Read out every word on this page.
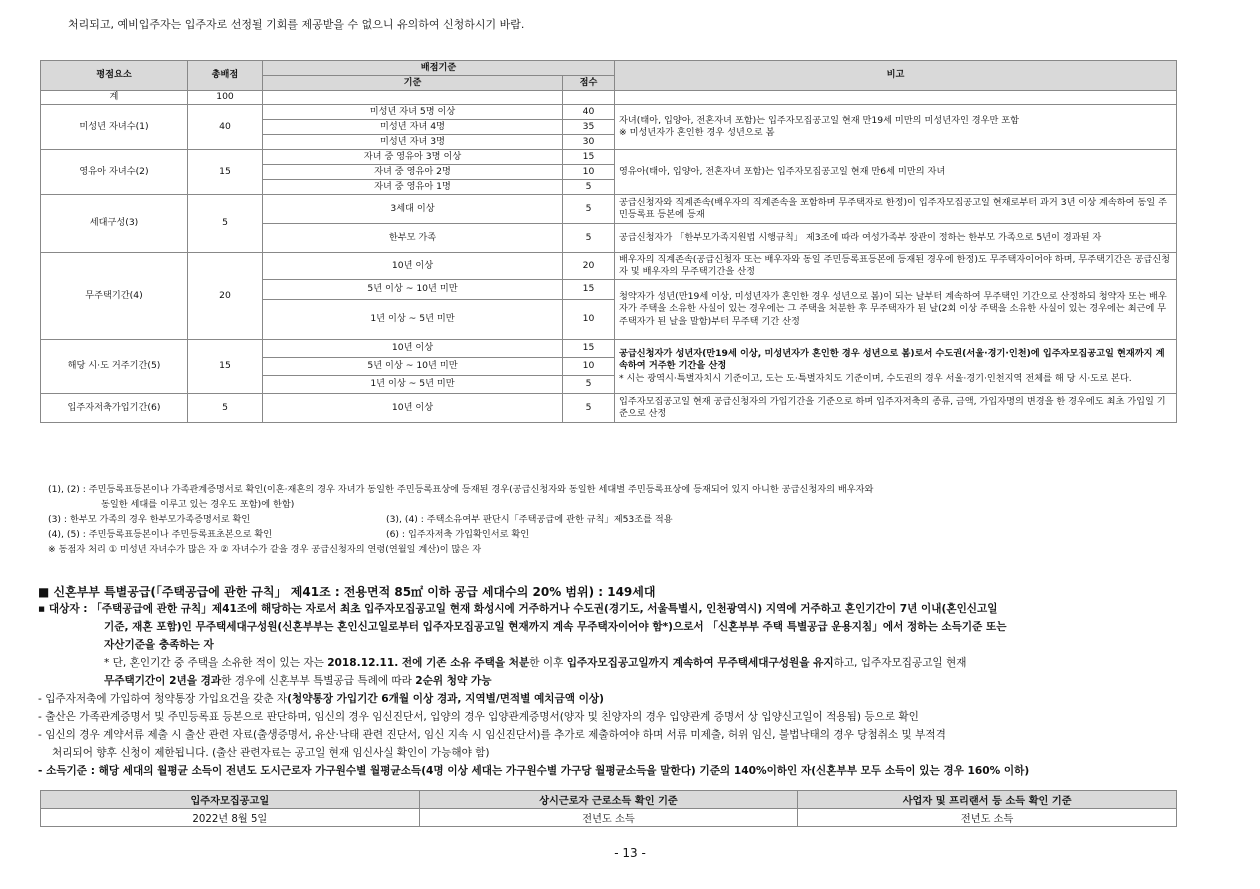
처리되고, 예비입주자는 입주자로 선정될 기회를 제공받을 수 없으니 유의하여 신청하시기 바람.
평점요소	총배점	배점기준		비고
		기준	점수	
계	100			
미성년 자녀수(1)	40	미성년 자녀 5명 이상	40	자녀(태아, 입양아, 전혼자녀 포함)는 입주자모집공고일 현재 만19세 미만의 미성년자인 경우만 포함
※ 미성년자가 혼인한 경우 성년으로 봄

		미성년 자녀 4명	35	
		미성년 자녀 3명	30	
영유아 자녀수(2)	15	자녀 중 영유아 3명 이상	15	영유아(태아, 입양아, 전혼자녀 포함)는 입주자모집공고일 현재 만6세 미만의 자녀
		자녀 중 영유아 2명	10	
		자녀 중 영유아 1명	5	
세대구성(3)	5	3세대 이상	5	공급신청자와 직계존속(배우자의 직계존속을 포함하며 무주택자로 한정)이 입주자모집공고일 현재로부터 과거 3년 이상 계속하여 동일 주민등록표 등본에 등재
		한부모 가족	5	공급신청자가 「한부모가족지원법 시행규칙」 제3조에 따라 여성가족부 장관이 정하는 한부모 가족으로 5년이 경과된 자
무주택기간(4)	20	10년 이상	20	배우자의 직계존속(공급신청자 또는 배우자와 동일 주민등록표등본에 등재된 경우에 한정)도 무주택자이어야 하며, 무주택기간은 공급신청자 및 배우자의 무주택기간을 산정
		5년 이상 ~ 10년 미만	15	청약자가 성년(만19세 이상, 미성년자가 혼인한 경우 성년으로 봄)이 되는 날부터 계속하여 무주택인 기간으로 산정하되 청약자 또는 배우자가 주택을 소유한 사실이 있는 경우에는 그 주택을 처분한 후 무주택자가 된 날(2회 이상 주택을 소유한 사실이 있는 경우에는 최근에 무주택자가 된 날을 말함)부터 무주택 기간 산정
		1년 이상 ~ 5년 미만	10	
해당 시·도 거주기간(5)	15	10년 이상	15	공급신청자가 성년자(만19세 이상, 미성년자가 혼인한 경우 성년으로 봄)로서 수도권(서울·경기·인천)에 입주자모집공고일 현재까지 계속하여 거주한 기간을 산정
* 시는 광역시·특별자치시 기준이고, 도는 도·특별자치도 기준이며, 수도권의 경우 서울·경기·인천지역 전체를 해 당 시·도로 본다.

		5년 이상 ~ 10년 미만	10	
		1년 이상 ~ 5년 미만	5	
입주자저축가입기간(6)	5	10년 이상	5	입주자모집공고일 현재 공급신청자의 가입기간을 기준으로 하며 입주자저축의 종류, 금액, 가입자명의 변경을 한 경우에도 최초 가입일 기준으로 산정
(1), (2) : 주민등록표등본이나 가족관계증명서로 확인(이혼·재혼의 경우 자녀가 동일한 주민등록표상에 등재된 경우(공급신청자와 동일한 세대별 주민등록표상에 등재되어 있지 아니한 공급신청자의 배우자와
동일한 세대를 이루고 있는 경우도 포함)에 한함)
(3) : 한부모 가족의 경우 한부모가족증명서로 확인	(3), (4) : 주택소유여부 판단시「주택공급에 관한 규칙」제53조를 적용
(4), (5) : 주민등록표등본이나 주민등록표초본으로 확인	(6) : 입주자저축 가입확인서로 확인
※ 동점자 처리 ① 미성년 자녀수가 많은 자 ② 자녀수가 같을 경우 공급신청자의 연령(연월일 계산)이 많은 자
■ 신혼부부 특별공급(「주택공급에 관한 규칙」 제41조 : 전용면적 85㎡ 이하 공급 세대수의 20% 범위) : 149세대
▪ 대상자 : 「주택공급에 관한 규칙」제41조에 해당하는 자로서 최초 입주자모집공고일 현재 화성시에 거주하거나 수도권(경기도, 서울특별시, 인천광역시) 지역에 거주하고 혼인기간이 7년 이내(혼인신고일
기준, 재혼 포함)인 무주택세대구성원(신혼부부는 혼인신고일로부터 입주자모집공고일 현재까지 계속 무주택자이어야 함*)으로서 「신혼부부 주택 특별공급 운용지침」에서 정하는 소득기준 또는
자산기준을 충족하는 자
* 단, 혼인기간 중 주택을 소유한 적이 있는 자는 2018.12.11. 전에 기존 소유 주택을 처분한 이후 입주자모집공고일까지 계속하여 무주택세대구성원을 유지하고, 입주자모집공고일 현재
무주택기간이 2년을 경과한 경우에 신혼부부 특별공급 특례에 따라 2순위 청약 가능
- 입주자저축에 가입하여 청약통장 가입요건을 갖춘 자(청약통장 가입기간 6개월 이상 경과, 지역별/면적별 예치금액 이상)
- 출산은 가족관계증명서 및 주민등록표 등본으로 판단하며, 임신의 경우 임신진단서, 입양의 경우 입양관계증명서(양자 및 친양자의 경우 입양관계 증명서 상 입양신고일이 적용됨) 등으로 확인
- 임신의 경우 계약서류 제출 시 출산 관련 자료(출생증명서, 유산·낙태 관련 진단서, 임신 지속 시 임신진단서)를 추가로 제출하여야 하며 서류 미제출, 허위 임신, 불법낙태의 경우 당첨취소 및 부적격
처리되어 향후 신청이 제한됩니다. (출산 관련자료는 공고일 현재 임신사실 확인이 가능해야 함)
- 소득기준 : 해당 세대의 월평균 소득이 전년도 도시근로자 가구원수별 월평균소득(4명 이상 세대는 가구원수별 가구당 월평균소득을 말한다) 기준의 140%이하인 자(신혼부부 모두 소득이 있는 경우 160% 이하)
입주자모집공고일	상시근로자 근로소득 확인 기준	사업자 및 프리랜서 등 소득 확인 기준
2022년 8월 5일	전년도 소득	전년도 소득
- 13 -
